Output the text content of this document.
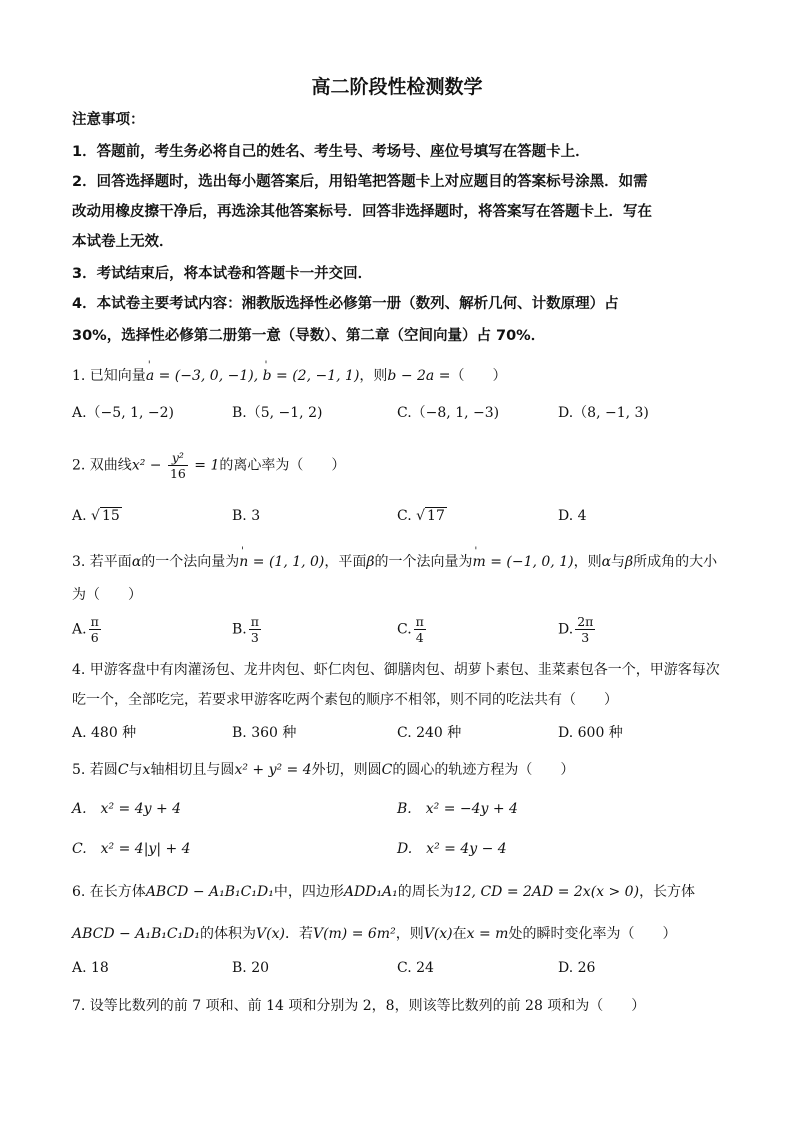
高二阶段性检测数学
注意事项：
1．答题前，考生务必将自己的姓名、考生号、考场号、座位号填写在答题卡上．
2．回答选择题时，选出每小题答案后，用铅笔把答题卡上对应题目的答案标号涂黑．如需
改动用橡皮擦干净后，再选涂其他答案标号．回答非选择题时，将答案写在答题卡上．写在
本试卷上无效．
3．考试结束后，将本试卷和答题卡一并交回．
4．本试卷主要考试内容：湘教版选择性必修第一册（数列、解析几何、计数原理）占
30%，选择性必修第二册第一意（导数）、第二章（空间向量）占 70%．
1. 已知向量' a = (−3, 0, −1), ' b = (2, −1, 1)，则b − 2a =（　　）
A.（−5, 1, −2)	B.（5, −1, 2)	C.（−8, 1, −3)	D.（8, −1, 3)
2. 双曲线$x^2 - \frac{\text{y²}}{16} = 1$的离心率为（　　）
A. √ 15	B. 3	C. √ 17	D. 4
3. 若平面α的一个法向量为' n = (1, 1, 0)，平面β的一个法向量为' m = (−1, 0, 1)，则α与β所成角的大小
为（　　）
A. $\frac{\pi}{6}$	B. $\frac{\pi}{3}$	C. $\frac{\pi}{4}$	D. $\frac{2\pi}{3}$
4. 甲游客盘中有肉灌汤包、龙井肉包、虾仁肉包、御膳肉包、胡萝卜素包、韭菜素包各一个，甲游客每次
吃一个，全部吃完，若要求甲游客吃两个素包的顺序不相邻，则不同的吃法共有（　　）
A. 480 种	B. 360 种	C. 240 种	D. 600 种
5. 若圆C与x轴相切且与圆x² + y² = 4外切，则圆C的圆心的轨迹方程为（　　）
A.　x² = 4y + 4	B.　x² = −4y + 4
C.　x² = 4|y| + 4	D.　x² = 4y − 4
6. 在长方体ABCD − A₁B₁C₁D₁中，四边形ADD₁A₁的周长为12, CD = 2AD = 2x(x > 0)，长方体
ABCD − A₁B₁C₁D₁的体积为V(x)．若V(m) = 6m²，则V(x)在x = m处的瞬时变化率为（　　）
A. 18	B. 20	C. 24	D. 26
7. 设等比数列的前 7 项和、前 14 项和分别为 2，8，则该等比数列的前 28 项和为（　　）
